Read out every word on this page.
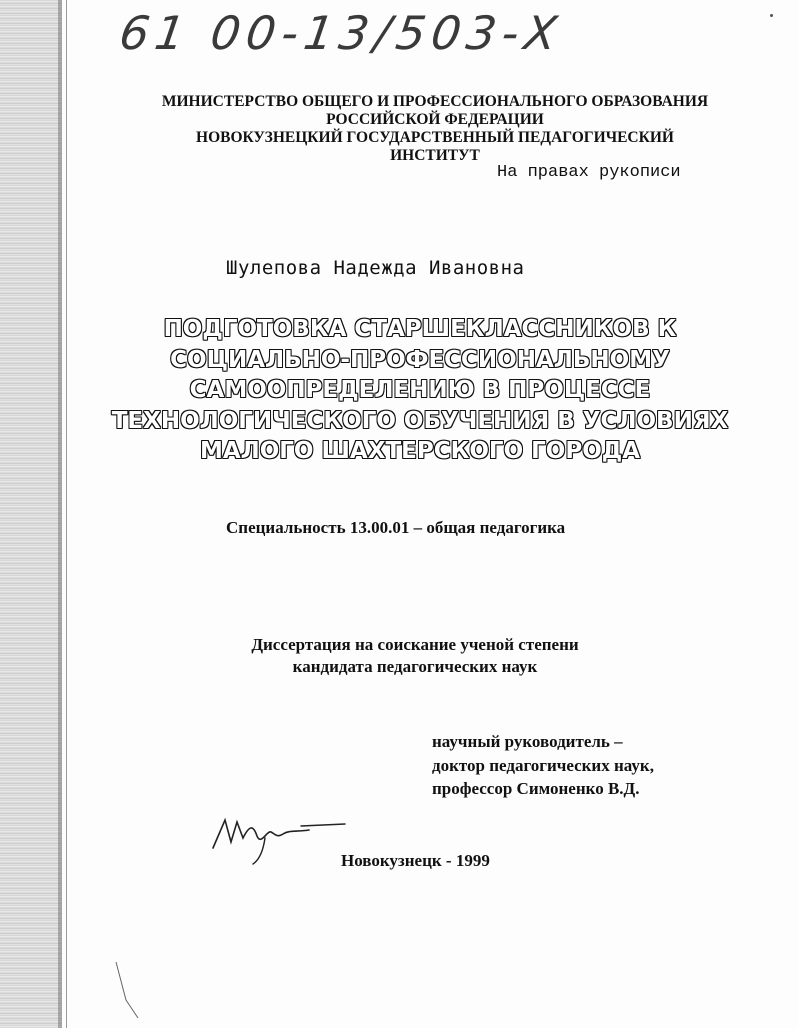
61 00-13/503-Х
МИНИСТЕРСТВО ОБЩЕГО И ПРОФЕССИОНАЛЬНОГО ОБРАЗОВАНИЯ
РОССИЙСКОЙ ФЕДЕРАЦИИ
НОВОКУЗНЕЦКИЙ ГОСУДАРСТВЕННЫЙ ПЕДАГОГИЧЕСКИЙ
ИНСТИТУТ
На правах рукописи
Шулепова Надежда Ивановна
ПОДГОТОВКА СТАРШЕКЛАССНИКОВ К
СОЦИАЛЬНО-ПРОФЕССИОНАЛЬНОМУ
САМООПРЕДЕЛЕНИЮ В ПРОЦЕССЕ
ТЕХНОЛОГИЧЕСКОГО ОБУЧЕНИЯ В УСЛОВИЯХ
МАЛОГО ШАХТЕРСКОГО ГОРОДА
Специальность 13.00.01 – общая педагогика
Диссертация на соискание ученой степени
кандидата педагогических наук
научный руководитель –
доктор педагогических наук,
профессор Симоненко В.Д.
Новокузнецк - 1999
